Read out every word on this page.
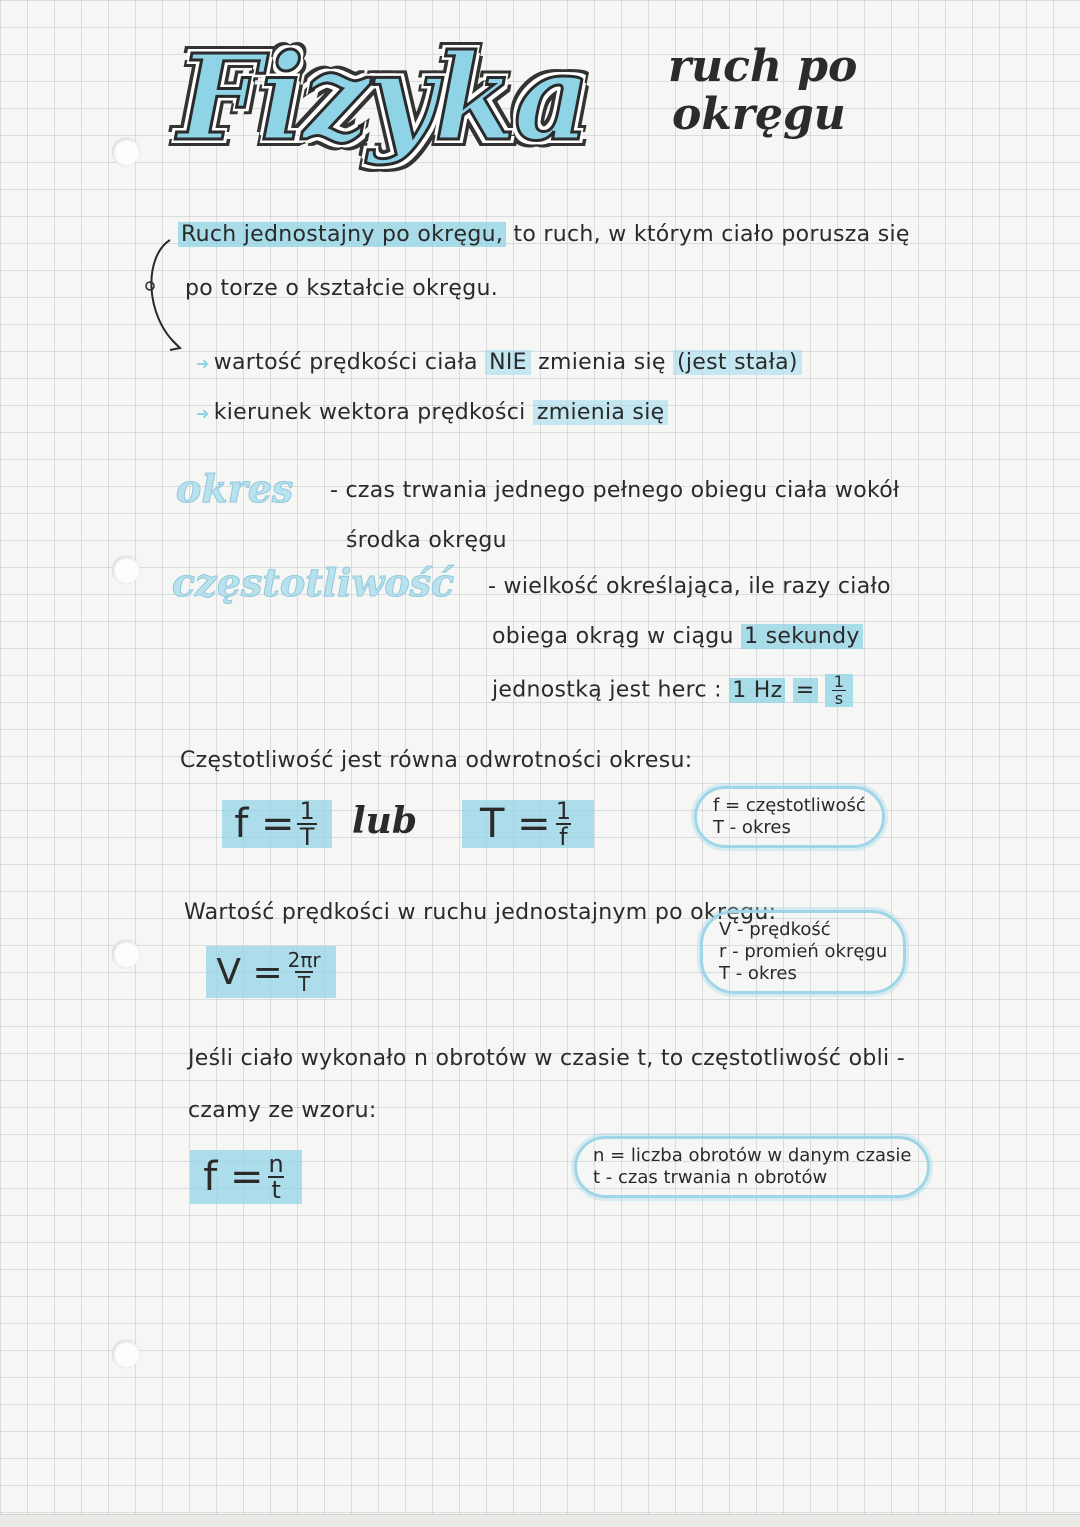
Fizyka ruch po
okręgu
Ruch jednostajny po okręgu, to ruch, w którym ciało porusza się
po torze o kształcie okręgu.
➜ wartość prędkości ciała NIE zmienia się (jest stała)
➜ kierunek wektora prędkości zmienia się
okres - czas trwania jednego pełnego obiegu ciała wokół
środka okręgu
częstotliwość - wielkość określająca, ile razy ciało
obiega okrąg w ciągu 1 sekundy
jednostką jest herc : 1 $Hz = \frac{1}{s}$
Częstotliwość jest równa odwrotności okresu:
$f = \frac{1}{T}$ lub $T = \frac{1}{f}$	f = częstotliwość
T - okres
Wartość prędkości w ruchu jednostajnym po okręgu:
$V = \frac{2\pi r}{T}$
V - prędkość
r - promień okręgu
T - okres
Jeśli ciało wykonało n obrotów w czasie t, to częstotliwość obli -
czamy ze wzoru:
$f = \frac{n}{t}$	n = liczba obrotów w danym czasie
t - czas trwania n obrotów
